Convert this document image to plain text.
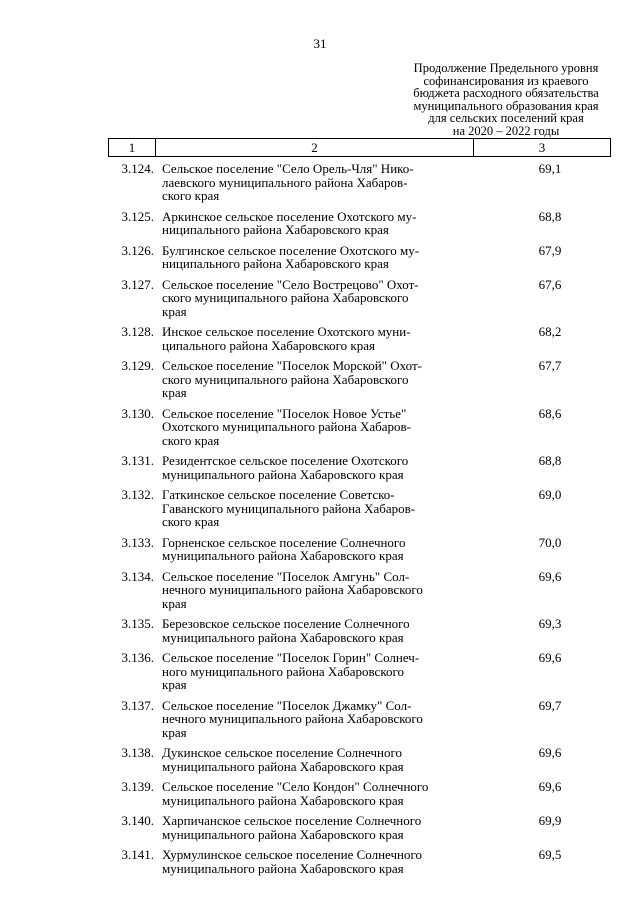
31
Продолжение Предельного уровня
софинансирования из краевого
бюджета расходного обязательства
муниципального образования края
для сельских поселений края
на 2020 – 2022 годы
1	2	3
3.124. Сельское поселение "Село Орель-Чля" Нико-
лаевского муниципального района Хабаров-
ского края
69,1
3.125. Аркинское сельское поселение Охотского му-
ниципального района Хабаровского края
68,8
3.126. Булгинское сельское поселение Охотского му-
ниципального района Хабаровского края
67,9
3.127. Сельское поселение "Село Вострецово" Охот-
ского муниципального района Хабаровского
края
67,6
3.128. Инское сельское поселение Охотского муни-
ципального района Хабаровского края
68,2
3.129. Сельское поселение "Поселок Морской" Охот-
ского муниципального района Хабаровского
края
67,7
3.130. Сельское поселение "Поселок Новое Устье"
Охотского муниципального района Хабаров-
ского края
68,6
3.131. Резидентское сельское поселение Охотского
муниципального района Хабаровского края
68,8
3.132. Гаткинское сельское поселение Советско-
Гаванского муниципального района Хабаров-
ского края
69,0
3.133. Горненское сельское поселение Солнечного
муниципального района Хабаровского края
70,0
3.134. Сельское поселение "Поселок Амгунь" Сол-
нечного муниципального района Хабаровского
края
69,6
3.135. Березовское сельское поселение Солнечного
муниципального района Хабаровского края
69,3
3.136. Сельское поселение "Поселок Горин" Солнеч-
ного муниципального района Хабаровского
края
69,6
3.137. Сельское поселение "Поселок Джамку" Сол-
нечного муниципального района Хабаровского
края
69,7
3.138. Дукинское сельское поселение Солнечного
муниципального района Хабаровского края
69,6
3.139. Сельское поселение "Село Кондон" Солнечного
муниципального района Хабаровского края
69,6
3.140. Харпичанское сельское поселение Солнечного
муниципального района Хабаровского края
69,9
3.141. Хурмулинское сельское поселение Солнечного
муниципального района Хабаровского края
69,5
